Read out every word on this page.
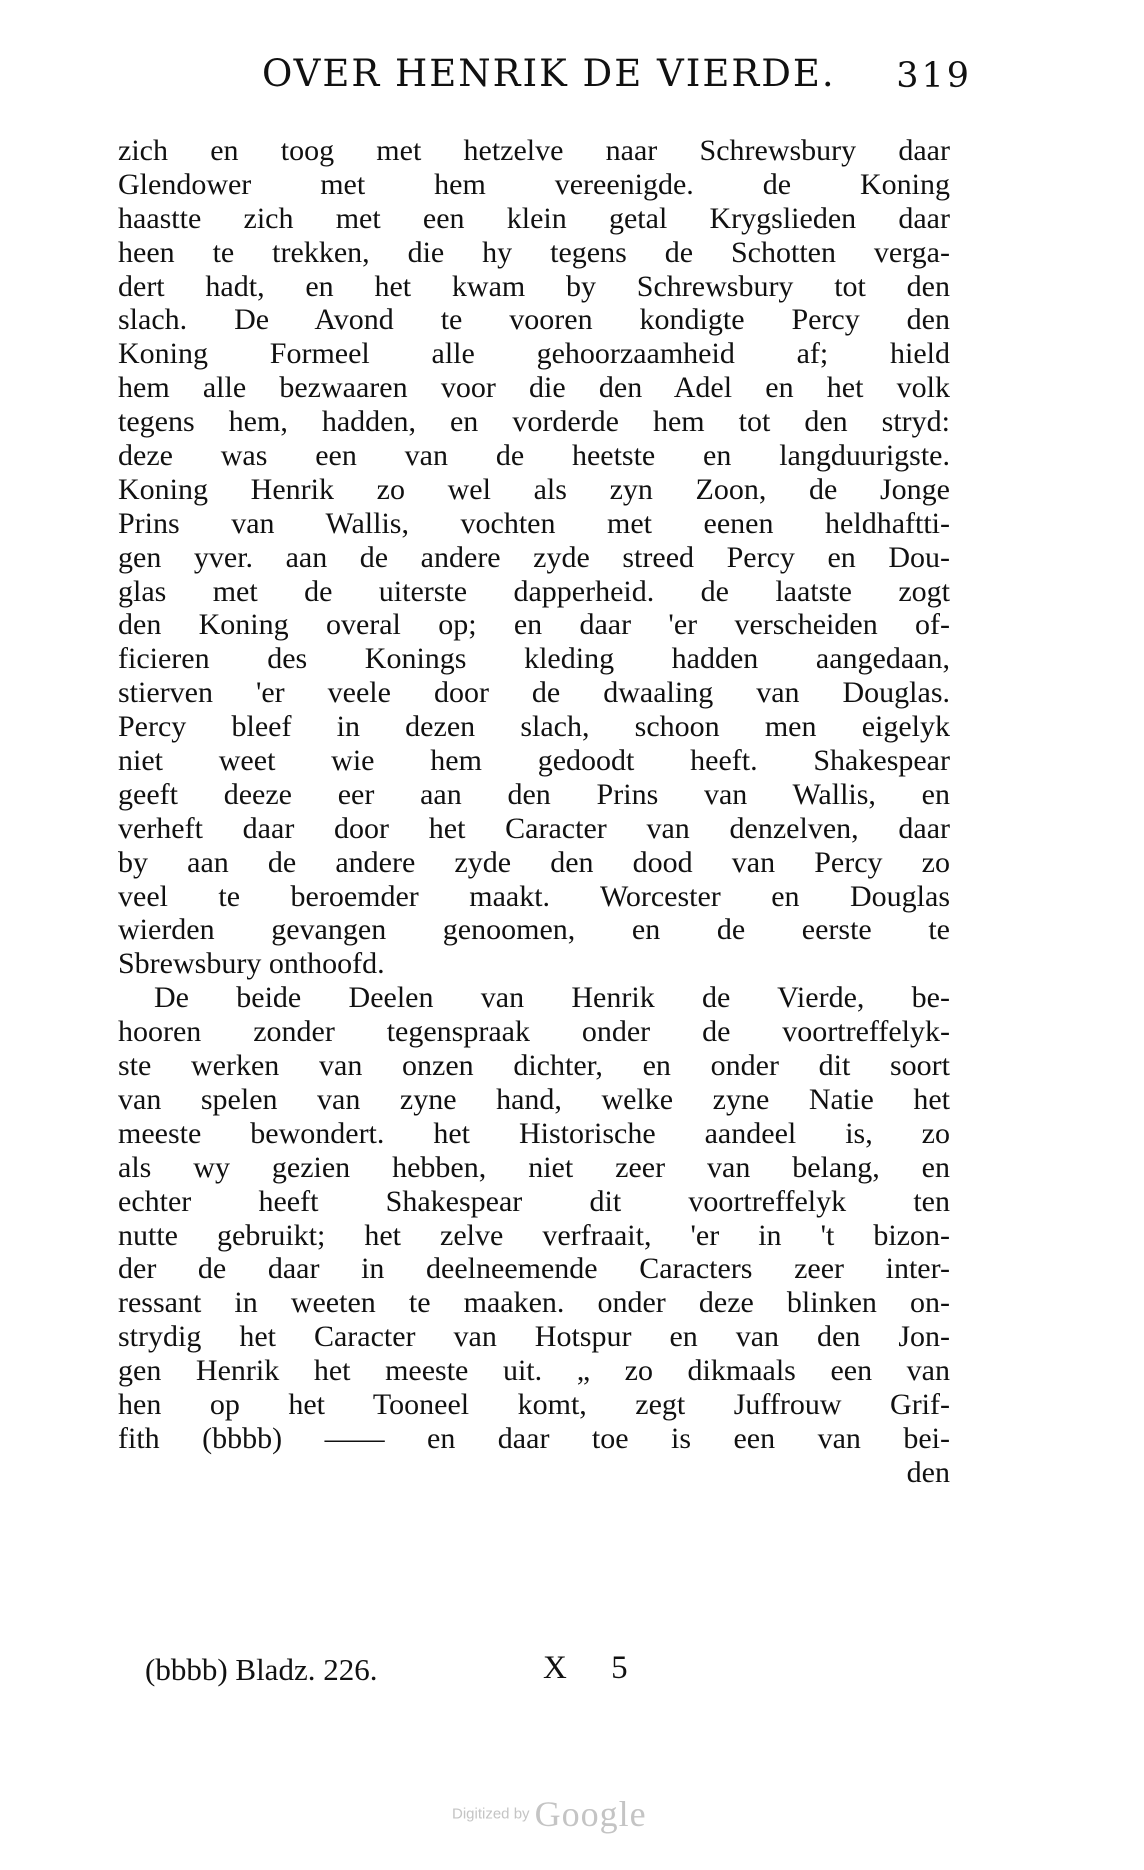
OVER HENRIK DE VIERDE. 319
zich en toog met hetzelve naar Schrewsbury daar
Glendower met hem vereenigde. de Koning
haastte zich met een klein getal Krygslieden daar
heen te trekken, die hy tegens de Schotten verga-
dert hadt, en het kwam by Schrewsbury tot den
slach. De Avond te vooren kondigte Percy den
Koning Formeel alle gehoorzaamheid af; hield
hem alle bezwaaren voor die den Adel en het volk
tegens hem, hadden, en vorderde hem tot den stryd:
deze was een van de heetste en langduurigste.
Koning Henrik zo wel als zyn Zoon, de Jonge
Prins van Wallis, vochten met eenen heldhaftti-
gen yver. aan de andere zyde streed Percy en Dou-
glas met de uiterste dapperheid. de laatste zogt
den Koning overal op; en daar 'er verscheiden of-
ficieren des Konings kleding hadden aangedaan,
stierven 'er veele door de dwaaling van Douglas.
Percy bleef in dezen slach, schoon men eigelyk
niet weet wie hem gedoodt heeft. Shakespear
geeft deeze eer aan den Prins van Wallis, en
verheft daar door het Caracter van denzelven, daar
by aan de andere zyde den dood van Percy zo
veel te beroemder maakt. Worcester en Douglas
wierden gevangen genoomen, en de eerste te
Sbrewsbury onthoofd.
De beide Deelen van Henrik de Vierde, be-
hooren zonder tegenspraak onder de voortreffelyk-
ste werken van onzen dichter, en onder dit soort
van spelen van zyne hand, welke zyne Natie het
meeste bewondert. het Historische aandeel is, zo
als wy gezien hebben, niet zeer van belang, en
echter heeft Shakespear dit voortreffelyk ten
nutte gebruikt; het zelve verfraait, 'er in 't bizon-
der de daar in deelneemende Caracters zeer inter-
ressant in weeten te maaken. onder deze blinken on-
strydig het Caracter van Hotspur en van den Jon-
gen Henrik het meeste uit. „ zo dikmaals een van
hen op het Tooneel komt, zegt Juffrouw Grif-
fith (bbbb) —— en daar toe is een van bei-
den
(bbbb) Bladz. 226.	X 5
Digitized by Google
